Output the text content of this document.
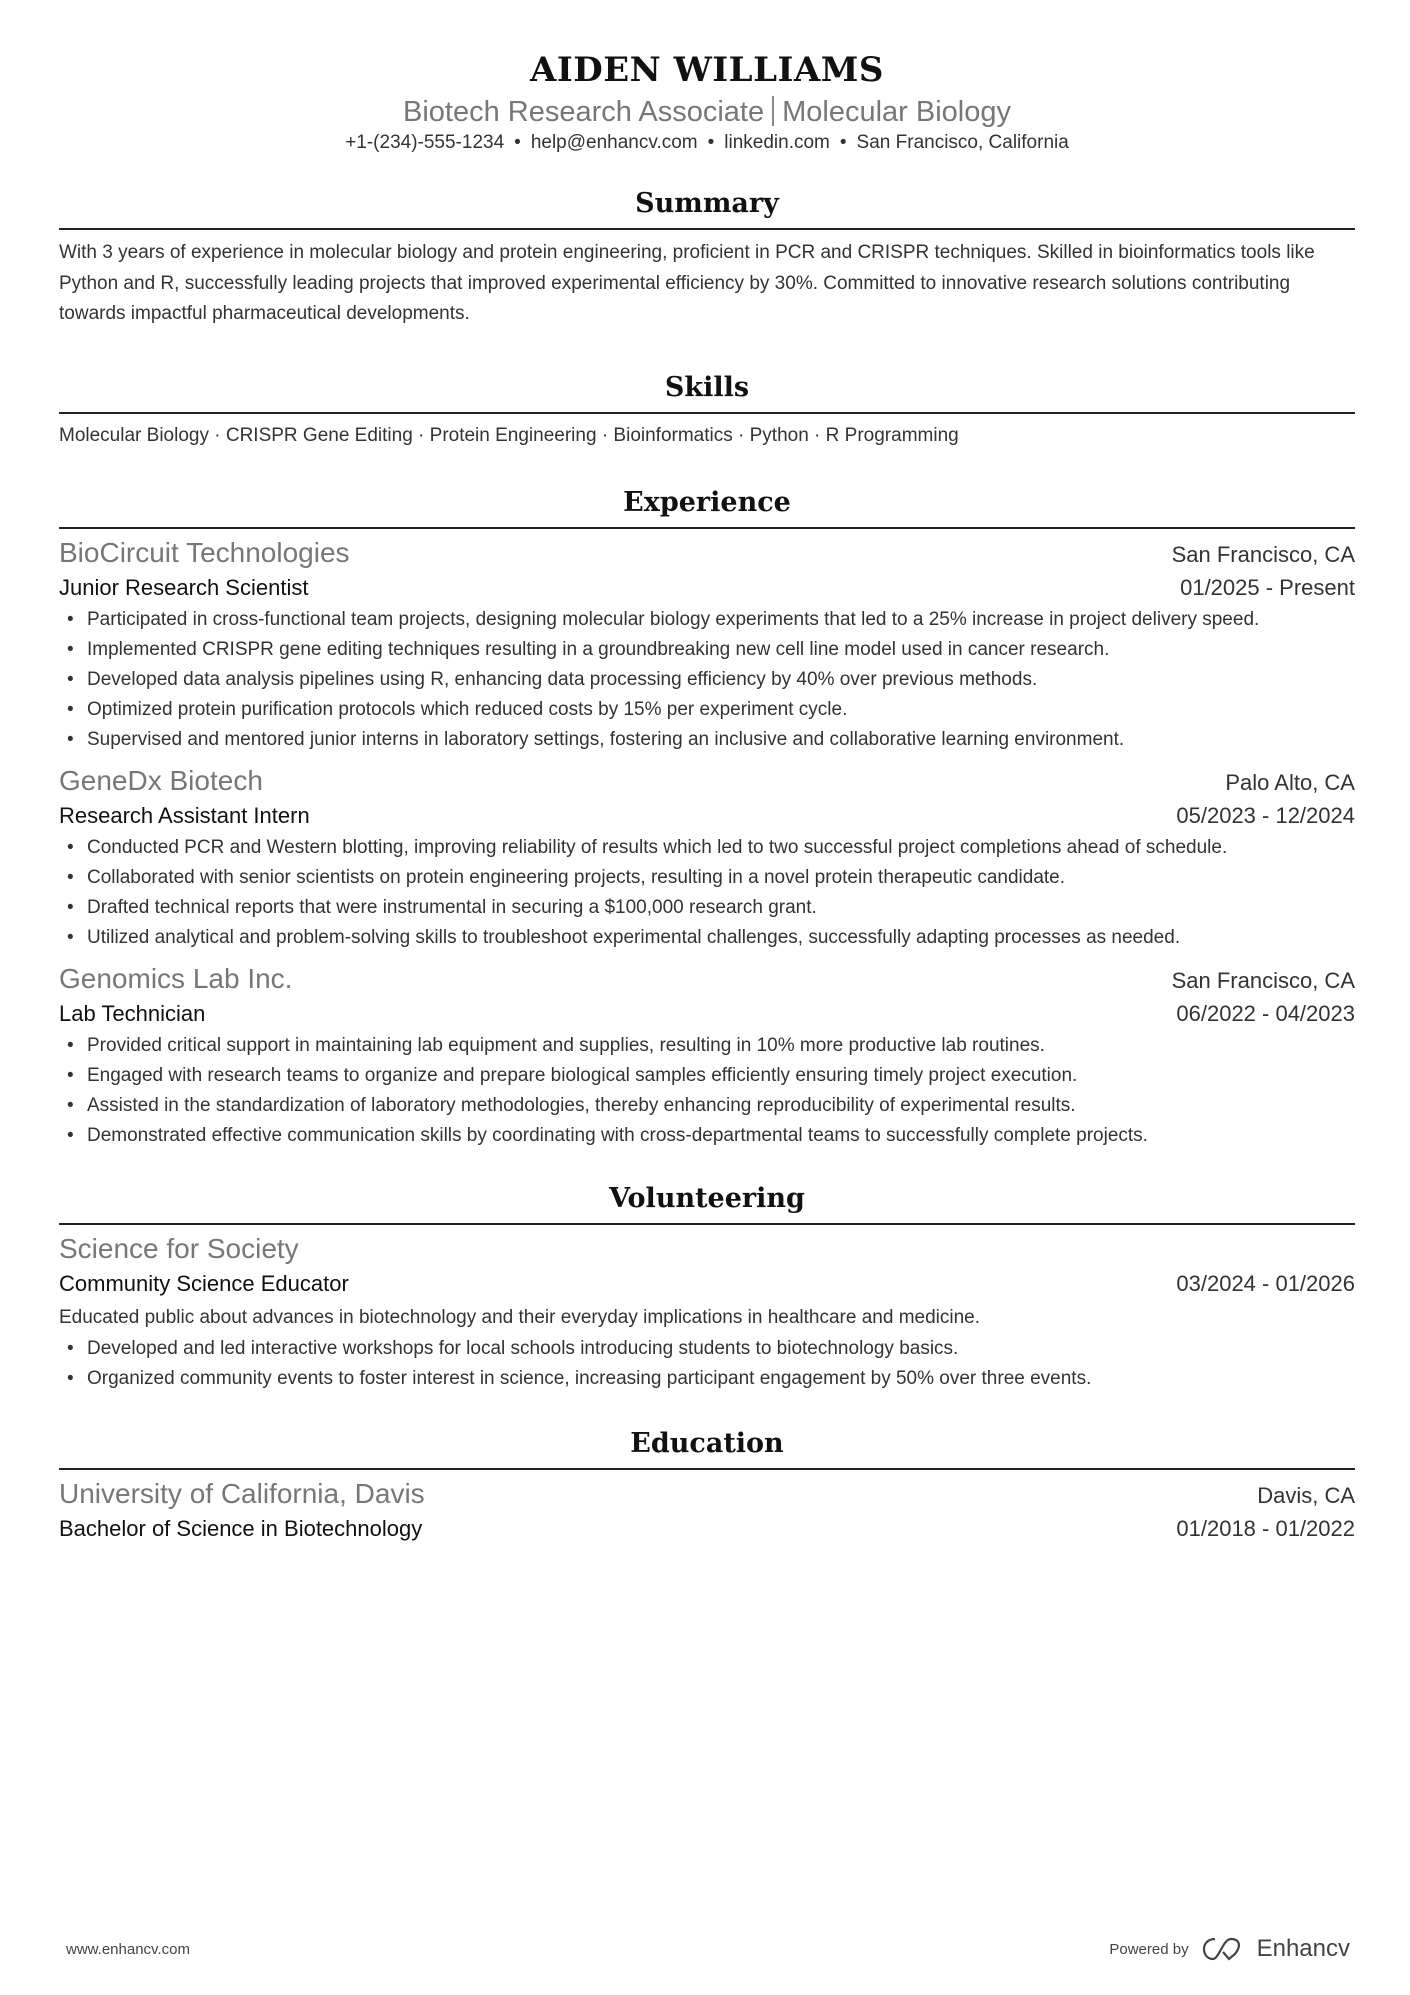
AIDEN WILLIAMS
Biotech Research Associate Molecular Biology
+1-(234)-555-1234 • help@enhancv.com • linkedin.com • San Francisco, California
Summary
With 3 years of experience in molecular biology and protein engineering, proficient in PCR and CRISPR techniques. Skilled in bioinformatics tools like Python and R, successfully leading projects that improved experimental efficiency by 30%. Committed to innovative research solutions contributing towards impactful pharmaceutical developments.
Skills
Molecular Biology · CRISPR Gene Editing · Protein Engineering · Bioinformatics · Python · R Programming
Experience
BioCircuit Technologies	San Francisco, CA
Junior Research Scientist	01/2025 - Present
• Participated in cross-functional team projects, designing molecular biology experiments that led to a 25% increase in project delivery speed.
• Implemented CRISPR gene editing techniques resulting in a groundbreaking new cell line model used in cancer research.
• Developed data analysis pipelines using R, enhancing data processing efficiency by 40% over previous methods.
• Optimized protein purification protocols which reduced costs by 15% per experiment cycle.
• Supervised and mentored junior interns in laboratory settings, fostering an inclusive and collaborative learning environment.
GeneDx Biotech	Palo Alto, CA
Research Assistant Intern	05/2023 - 12/2024
• Conducted PCR and Western blotting, improving reliability of results which led to two successful project completions ahead of schedule.
• Collaborated with senior scientists on protein engineering projects, resulting in a novel protein therapeutic candidate.
• Drafted technical reports that were instrumental in securing a $100,000 research grant.
• Utilized analytical and problem-solving skills to troubleshoot experimental challenges, successfully adapting processes as needed.
Genomics Lab Inc.	San Francisco, CA
Lab Technician	06/2022 - 04/2023
• Provided critical support in maintaining lab equipment and supplies, resulting in 10% more productive lab routines.
• Engaged with research teams to organize and prepare biological samples efficiently ensuring timely project execution.
• Assisted in the standardization of laboratory methodologies, thereby enhancing reproducibility of experimental results.
• Demonstrated effective communication skills by coordinating with cross-departmental teams to successfully complete projects.
Volunteering
Science for Society
Community Science Educator	03/2024 - 01/2026
Educated public about advances in biotechnology and their everyday implications in healthcare and medicine.
• Developed and led interactive workshops for local schools introducing students to biotechnology basics.
• Organized community events to foster interest in science, increasing participant engagement by 50% over three events.
Education
University of California, Davis	Davis, CA
Bachelor of Science in Biotechnology	01/2018 - 01/2022
www.enhancv.com	Powered by	Enhancv
